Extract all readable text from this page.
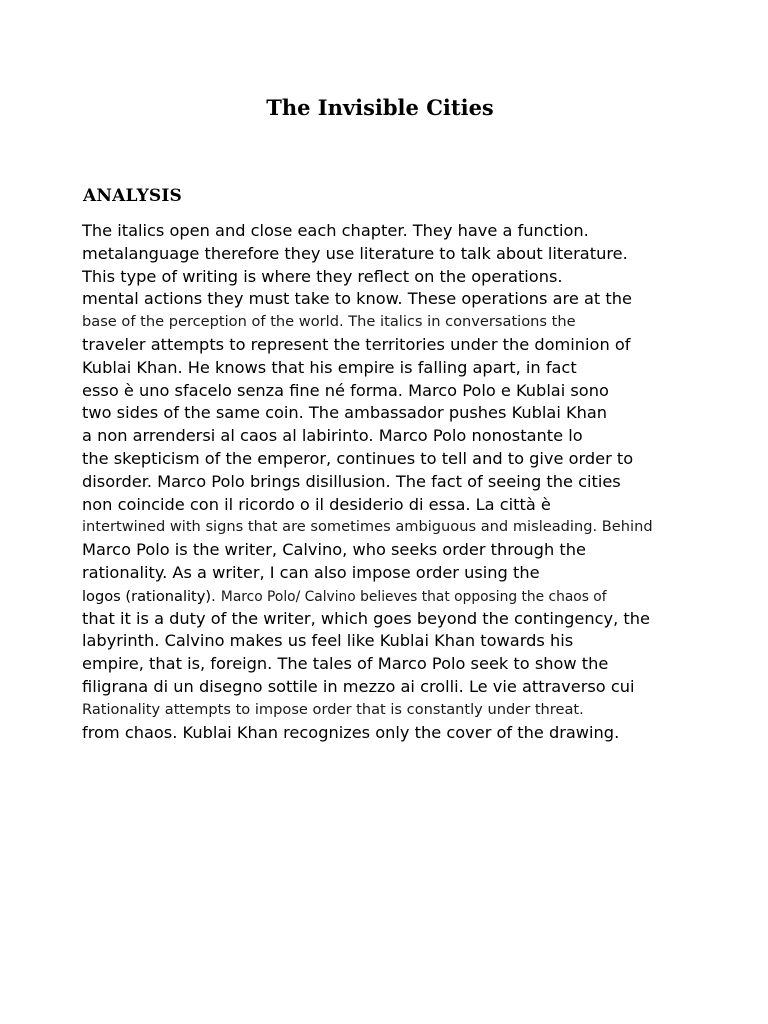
The Invisible Cities
ANALYSIS
The italics open and close each chapter. They have a function.
metalanguage therefore they use literature to talk about literature.
This type of writing is where they reflect on the operations.
mental actions they must take to know. These operations are at the
base of the perception of the world. The italics in conversations the
traveler attempts to represent the territories under the dominion of
Kublai Khan. He knows that his empire is falling apart, in fact
esso è uno sfacelo senza fine né forma. Marco Polo e Kublai sono
two sides of the same coin. The ambassador pushes Kublai Khan
a non arrendersi al caos al labirinto. Marco Polo nonostante lo
the skepticism of the emperor, continues to tell and to give order to
disorder. Marco Polo brings disillusion. The fact of seeing the cities
non coincide con il ricordo o il desiderio di essa. La città è
intertwined with signs that are sometimes ambiguous and misleading. Behind
Marco Polo is the writer, Calvino, who seeks order through the
rationality. As a writer, I can also impose order using the
logos (rationality). Marco Polo/ Calvino believes that opposing the chaos of
that it is a duty of the writer, which goes beyond the contingency, the
labyrinth. Calvino makes us feel like Kublai Khan towards his
empire, that is, foreign. The tales of Marco Polo seek to show the
filigrana di un disegno sottile in mezzo ai crolli. Le vie attraverso cui
Rationality attempts to impose order that is constantly under threat.
from chaos. Kublai Khan recognizes only the cover of the drawing.
